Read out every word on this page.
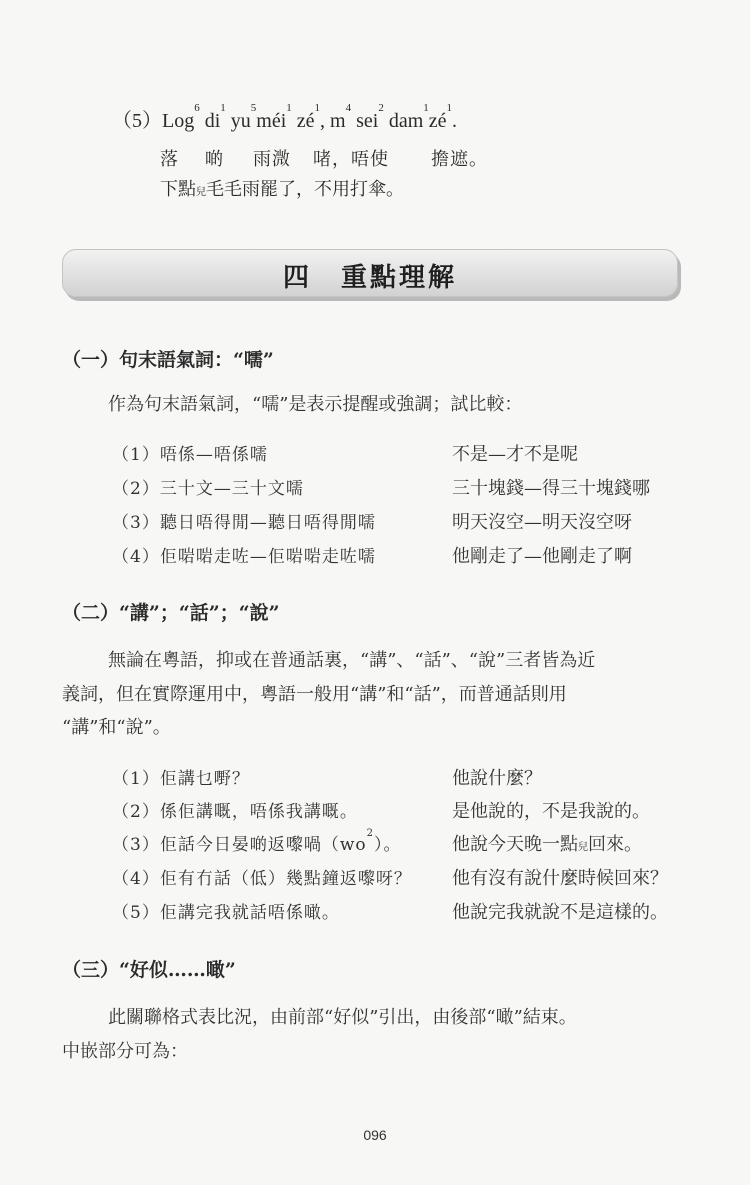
（5）Log$^6$ $di^1$ $yu^5méi^1$ $zé^1$, $m^4$ sei$^2$ $dam^1zé^1$.
落 啲 雨溦 啫，唔使 擔遮。
下點兒毛毛雨罷了，不用打傘。
四　重點理解
（一）句末語氣詞：“嚅”
作為句末語氣詞，“嚅”是表示提醒或強調；試比較：
（1）唔係—唔係嚅	不是—才不是呢
（2）三十文—三十文嚅	三十塊錢—得三十塊錢哪
（3）聽日唔得閒—聽日唔得閒嚅	明天沒空—明天沒空呀
（4）佢啱啱走咗—佢啱啱走咗嚅	他剛走了—他剛走了啊
（二）“講”；“話”；“說”
無論在粵語，抑或在普通話裏，“講”、“話”、“說”三者皆為近
義詞，但在實際運用中，粵語一般用“講”和“話”，而普通話則用
“講”和“說”。
（1）佢講乜嘢？	他說什麼？
（2）係佢講嘅，唔係我講嘅。	是他說的，不是我說的。
（3）佢話今日晏啲返嚟喎$(wo^2)$。	他說今天晚一點兒回來。
（4）佢有冇話（低）幾點鐘返嚟呀？ 他有沒有說什麼時候回來？
（5）佢講完我就話唔係噉。	他說完我就說不是這樣的。
（三）“好似……噉”
此關聯格式表比況，由前部“好似”引出，由後部“噉”結束。
中嵌部分可為：
096
